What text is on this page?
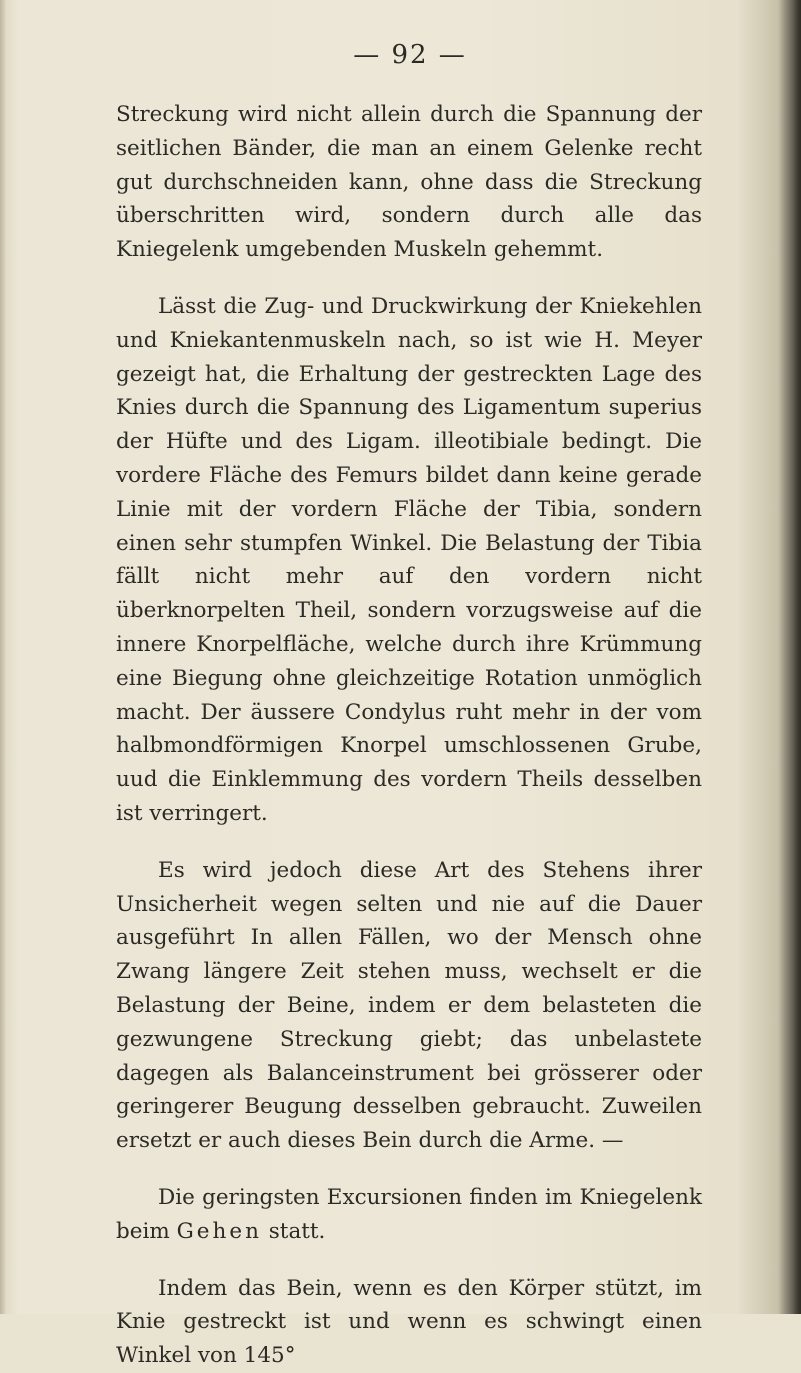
— 92 —

Streckung wird nicht allein durch die Spannung der seitlichen Bänder, die man an einem Gelenke recht gut durchschneiden kann, ohne dass die Streckung überschritten wird, sondern durch alle das Kniegelenk umgebenden Muskeln gehemmt.

Lässt die Zug- und Druckwirkung der Kniekehlen und Kniekantenmuskeln nach, so ist wie H. Meyer gezeigt hat, die Erhaltung der gestreckten Lage des Knies durch die Spannung des Ligamentum superius der Hüfte und des Ligam. illeotibiale bedingt. Die vordere Fläche des Femurs bildet dann keine gerade Linie mit der vordern Fläche der Tibia, sondern einen sehr stumpfen Winkel. Die Belastung der Tibia fällt nicht mehr auf den vordern nicht überknorpelten Theil, sondern vorzugsweise auf die innere Knorpelfläche, welche durch ihre Krümmung eine Biegung ohne gleichzeitige Rotation unmöglich macht. Der äussere Condylus ruht mehr in der vom halbmondförmigen Knorpel umschlossenen Grube, uud die Einklemmung des vordern Theils desselben ist verringert.

Es wird jedoch diese Art des Stehens ihrer Unsicherheit wegen selten und nie auf die Dauer ausgeführt In allen Fällen, wo der Mensch ohne Zwang längere Zeit stehen muss, wechselt er die Belastung der Beine, indem er dem belasteten die gezwungene Streckung giebt; das unbelastete dagegen als Balanceinstrument bei grösserer oder geringerer Beugung desselben gebraucht. Zuweilen ersetzt er auch dieses Bein durch die Arme. —

Die geringsten Excursionen finden im Kniegelenk beim Gehen statt.

Indem das Bein, wenn es den Körper stützt, im Knie gestreckt ist und wenn es schwingt einen Winkel von 145°
